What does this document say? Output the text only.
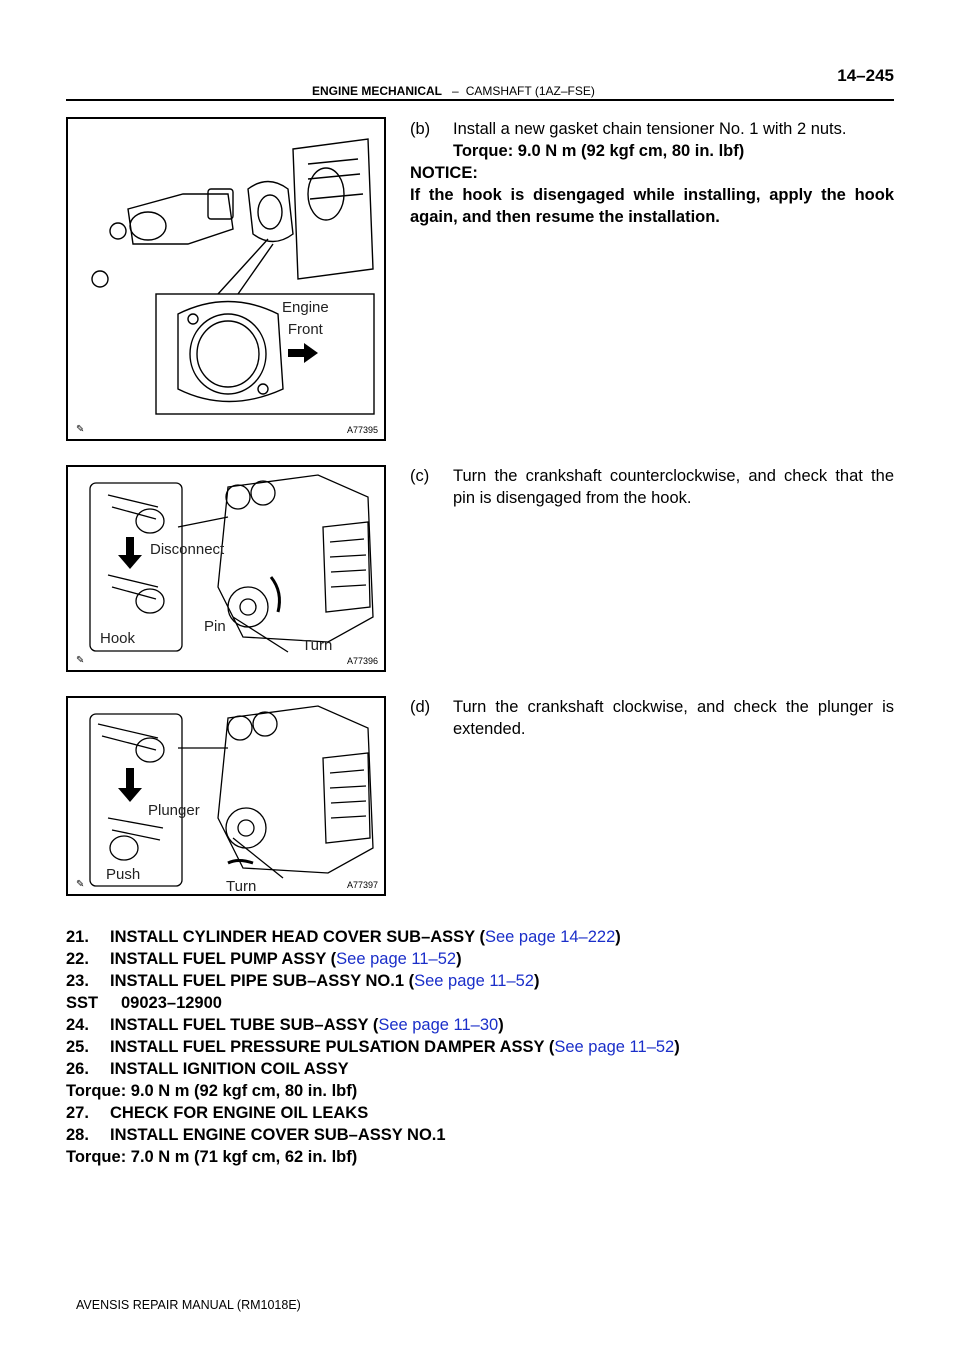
14–245
ENGINE MECHANICAL – CAMSHAFT (1AZ–FSE)
Engine
Front
✎	A77395
Disconnect
Pin
Hook	Turn
✎	A77396
Plunger
Push
Turn
✎	A77397
(b) Install a new gasket chain tensioner No. 1 with 2 nuts.
Torque: 9.0 N m (92 kgf cm, 80 in. lbf)
NOTICE:
If the hook is disengaged while installing, apply the hook again, and then resume the installation.
(c) Turn the crankshaft counterclockwise, and check that the pin is disengaged from the hook.
(d) Turn the crankshaft clockwise, and check the plunger is extended.
21. INSTALL CYLINDER HEAD COVER SUB–ASSY (See page 14–222)
22. INSTALL FUEL PUMP ASSY (See page 11–52)
23. INSTALL FUEL PIPE SUB–ASSY NO.1 (See page 11–52)
SST     09023–12900
24. INSTALL FUEL TUBE SUB–ASSY (See page 11–30)
25. INSTALL FUEL PRESSURE PULSATION DAMPER ASSY (See page 11–52)
26. INSTALL IGNITION COIL ASSY
Torque: 9.0 N m (92 kgf cm, 80 in. lbf)
27. CHECK FOR ENGINE OIL LEAKS
28. INSTALL ENGINE COVER SUB–ASSY NO.1
Torque: 7.0 N m (71 kgf cm, 62 in. lbf)
AVENSIS REPAIR MANUAL (RM1018E)
